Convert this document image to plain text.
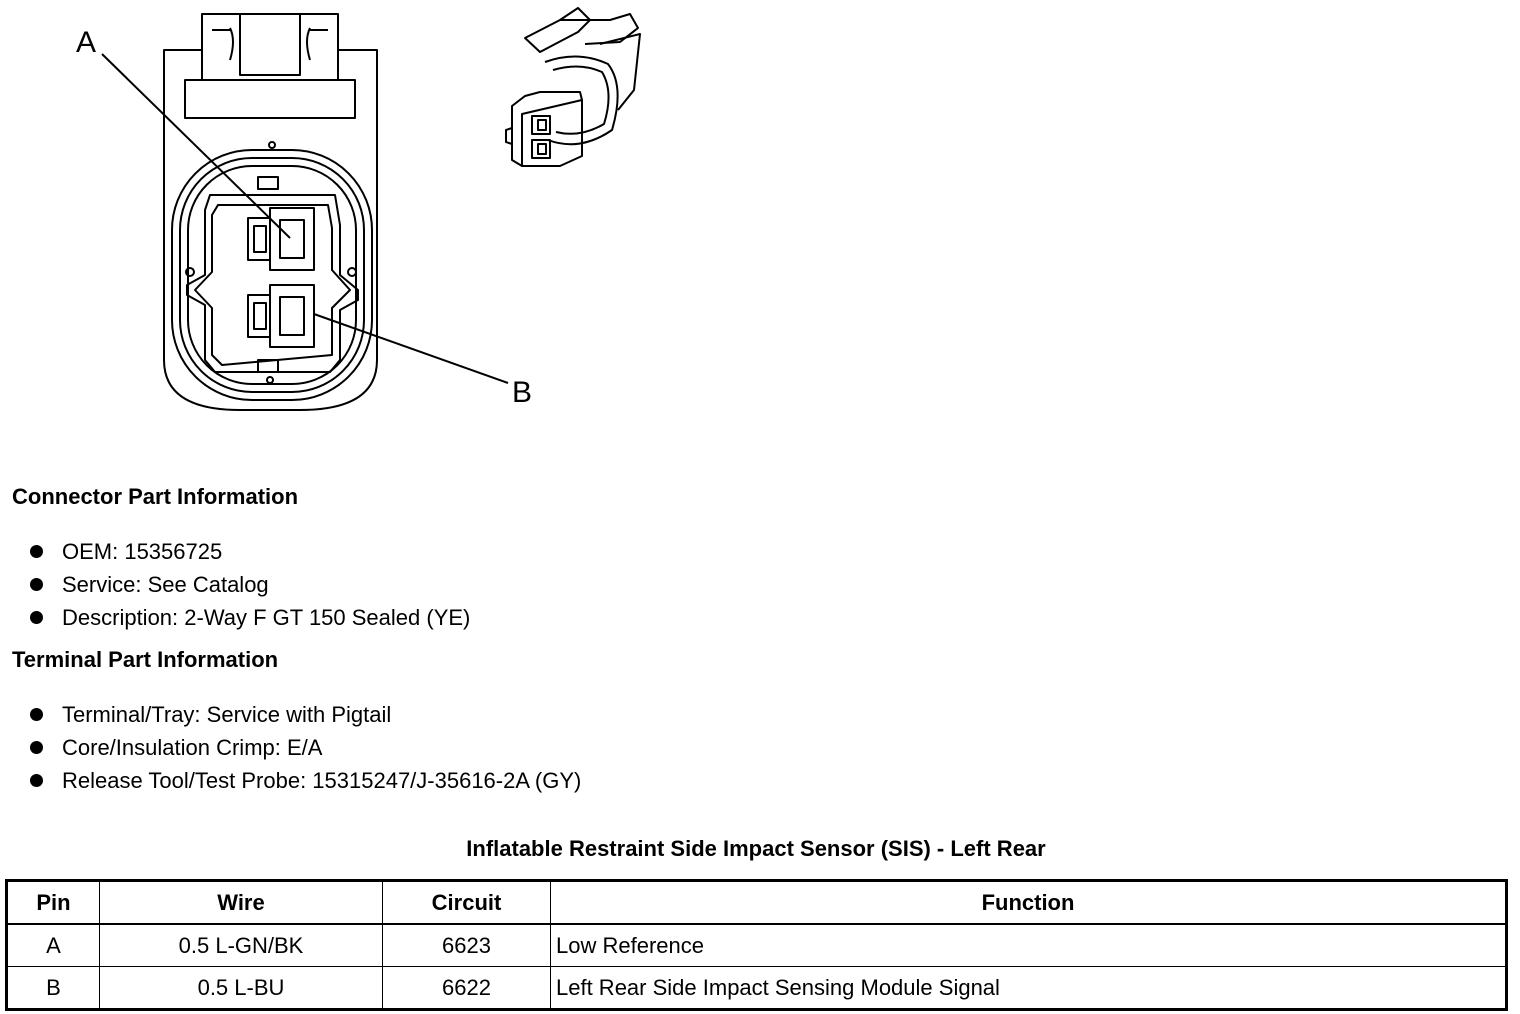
A
B
Connector Part Information
OEM: 15356725
Service: See Catalog
Description: 2-Way F GT 150 Sealed (YE)
Terminal Part Information
Terminal/Tray: Service with Pigtail
Core/Insulation Crimp: E/A
Release Tool/Test Probe: 15315247/J-35616-2A (GY)
Inflatable Restraint Side Impact Sensor (SIS) - Left Rear
Pin	Wire	Circuit	Function
A	0.5 L-GN/BK	6623	Low Reference
B	0.5 L-BU	6622	Left Rear Side Impact Sensing Module Signal
